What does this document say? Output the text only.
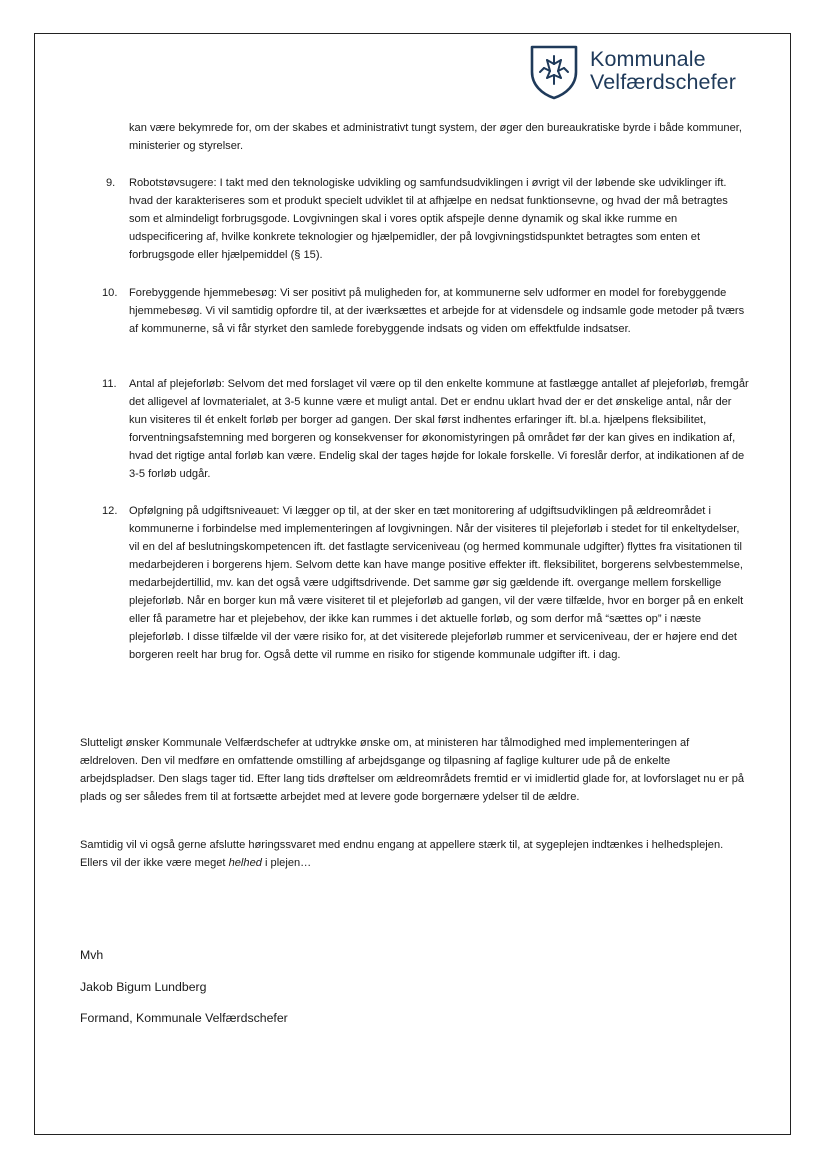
Kommunale
Velfærdschefer
kan være bekymrede for, om der skabes et administrativt tungt system, der øger den bureaukratiske byrde i både kommuner, ministerier og styrelser.
9.	Robotstøvsugere: I takt med den teknologiske udvikling og samfundsudviklingen i øvrigt vil der løbende ske udviklinger ift. hvad der karakteriseres som et produkt specielt udviklet til at afhjælpe en nedsat funktionsevne, og hvad der må betragtes som et almindeligt forbrugsgode. Lovgivningen skal i vores optik afspejle denne dynamik og skal ikke rumme en udspecificering af, hvilke konkrete teknologier og hjælpemidler, der på lovgivningstidspunktet betragtes som enten et forbrugsgode eller hjælpemiddel (§ 15).
10.	Forebyggende hjemmebesøg: Vi ser positivt på muligheden for, at kommunerne selv udformer en model for forebyggende hjemmebesøg. Vi vil samtidig opfordre til, at der iværksættes et arbejde for at vidensdele og indsamle gode metoder på tværs af kommunerne, så vi får styrket den samlede forebyggende indsats og viden om effektfulde indsatser.
11.	Antal af plejeforløb: Selvom det med forslaget vil være op til den enkelte kommune at fastlægge antallet af plejeforløb, fremgår det alligevel af lovmaterialet, at 3-5 kunne være et muligt antal. Det er endnu uklart hvad der er det ønskelige antal, når der kun visiteres til ét enkelt forløb per borger ad gangen. Der skal først indhentes erfaringer ift. bl.a. hjælpens fleksibilitet, forventningsafstemning med borgeren og konsekvenser for økonomistyringen på området før der kan gives en indikation af, hvad det rigtige antal forløb kan være. Endelig skal der tages højde for lokale forskelle. Vi foreslår derfor, at indikationen af de 3-5 forløb udgår.
12.	Opfølgning på udgiftsniveauet: Vi lægger op til, at der sker en tæt monitorering af udgiftsudviklingen på ældreområdet i kommunerne i forbindelse med implementeringen af lovgivningen. Når der visiteres til plejeforløb i stedet for til enkeltydelser, vil en del af beslutningskompetencen ift. det fastlagte serviceniveau (og hermed kommunale udgifter) flyttes fra visitationen til medarbejderen i borgerens hjem. Selvom dette kan have mange positive effekter ift. fleksibilitet, borgerens selvbestemmelse, medarbejdertillid, mv. kan det også være udgiftsdrivende. Det samme gør sig gældende ift. overgange mellem forskellige plejeforløb. Når en borger kun må være visiteret til et plejeforløb ad gangen, vil der være tilfælde, hvor en borger på en enkelt eller få parametre har et plejebehov, der ikke kan rummes i det aktuelle forløb, og som derfor må “sættes op” i næste plejeforløb. I disse tilfælde vil der være risiko for, at det visiterede plejeforløb rummer et serviceniveau, der er højere end det borgeren reelt har brug for. Også dette vil rumme en risiko for stigende kommunale udgifter ift. i dag.
Slutteligt ønsker Kommunale Velfærdschefer at udtrykke ønske om, at ministeren har tålmodighed med implementeringen af ældreloven. Den vil medføre en omfattende omstilling af arbejdsgange og tilpasning af faglige kulturer ude på de enkelte arbejdspladser. Den slags tager tid. Efter lang tids drøftelser om ældreområdets fremtid er vi imidlertid glade for, at lovforslaget nu er på plads og ser således frem til at fortsætte arbejdet med at levere gode borgernære ydelser til de ældre.
Samtidig vil vi også gerne afslutte høringssvaret med endnu engang at appellere stærk til, at sygeplejen indtænkes i helhedsplejen. Ellers vil der ikke være meget helhed i plejen…
Mvh
Jakob Bigum Lundberg
Formand, Kommunale Velfærdschefer
